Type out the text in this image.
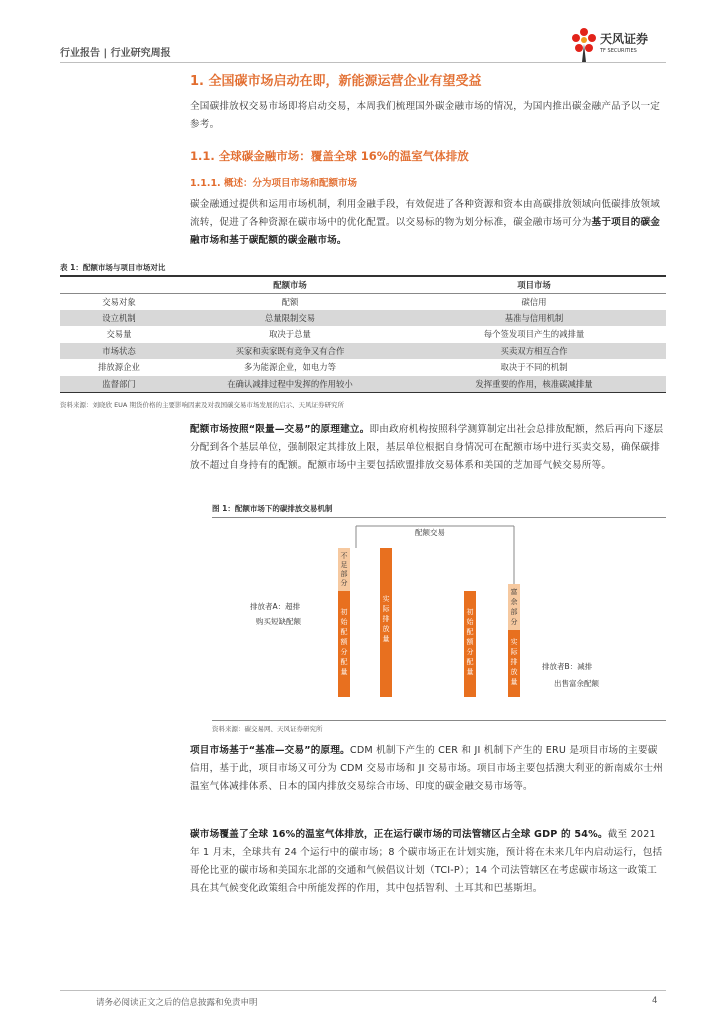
行业报告 | 行业研究周报
天风证券
TF SECURITIES
1. 全国碳市场启动在即，新能源运营企业有望受益
全国碳排放权交易市场即将启动交易，本周我们梳理国外碳金融市场的情况，为国内推出碳金融产品予以一定参考。
1.1. 全球碳金融市场：覆盖全球 16%的温室气体排放
1.1.1. 概述：分为项目市场和配额市场
碳金融通过提供和运用市场机制，利用金融手段，有效促进了各种资源和资本由高碳排放领域向低碳排放领域流转，促进了各种资源在碳市场中的优化配置。以交易标的物为划分标准，碳金融市场可分为基于项目的碳金融市场和基于碳配额的碳金融市场。
表 1：配额市场与项目市场对比
	配额市场	项目市场
交易对象	配额	碳信用
设立机制	总量限制交易	基准与信用机制
交易量	取决于总量	每个签发项目产生的减排量
市场状态	买家和卖家既有竞争又有合作	买卖双方相互合作
排放源企业	多为能源企业，如电力等	取决于不同的机制
监督部门	在确认减排过程中发挥的作用较小	发挥重要的作用，核准碳减排量
资料来源：刘晓欣 EUA 期货价格的主要影响因素及对我国碳交易市场发展的启示、天风证券研究所
配额市场按照“限量—交易”的原理建立。即由政府机构按照科学测算制定出社会总排放配额，然后再向下逐层分配到各个基层单位，强制限定其排放上限，基层单位根据自身情况可在配额市场中进行买卖交易，确保碳排放不超过自身持有的配额。配额市场中主要包括欧盟排放交易体系和美国的芝加哥气候交易所等。
图 1：配额市场下的碳排放交易机制
配额交易
不足部分
初始配额分配量
实际排放量
排放者A：超排
购买短缺配额
初始配额分配量
富余部分
实际排放量
排放者B：减排
出售富余配额
资料来源：碳交易网、天风证券研究所
项目市场基于“基准—交易”的原理。CDM 机制下产生的 CER 和 JI 机制下产生的 ERU 是项目市场的主要碳信用，基于此，项目市场又可分为 CDM 交易市场和 JI 交易市场。项目市场主要包括澳大利亚的新南威尔士州温室气体减排体系、日本的国内排放交易综合市场、印度的碳金融交易市场等。
碳市场覆盖了全球 16%的温室气体排放，正在运行碳市场的司法管辖区占全球 GDP 的 54%。截至 2021 年 1 月末，全球共有 24 个运行中的碳市场；8 个碳市场正在计划实施，预计将在未来几年内启动运行，包括哥伦比亚的碳市场和美国东北部的交通和气候倡议计划（TCI-P）；14 个司法管辖区在考虑碳市场这一政策工具在其气候变化政策组合中所能发挥的作用，其中包括智利、土耳其和巴基斯坦。
请务必阅读正文之后的信息披露和免责申明	4
